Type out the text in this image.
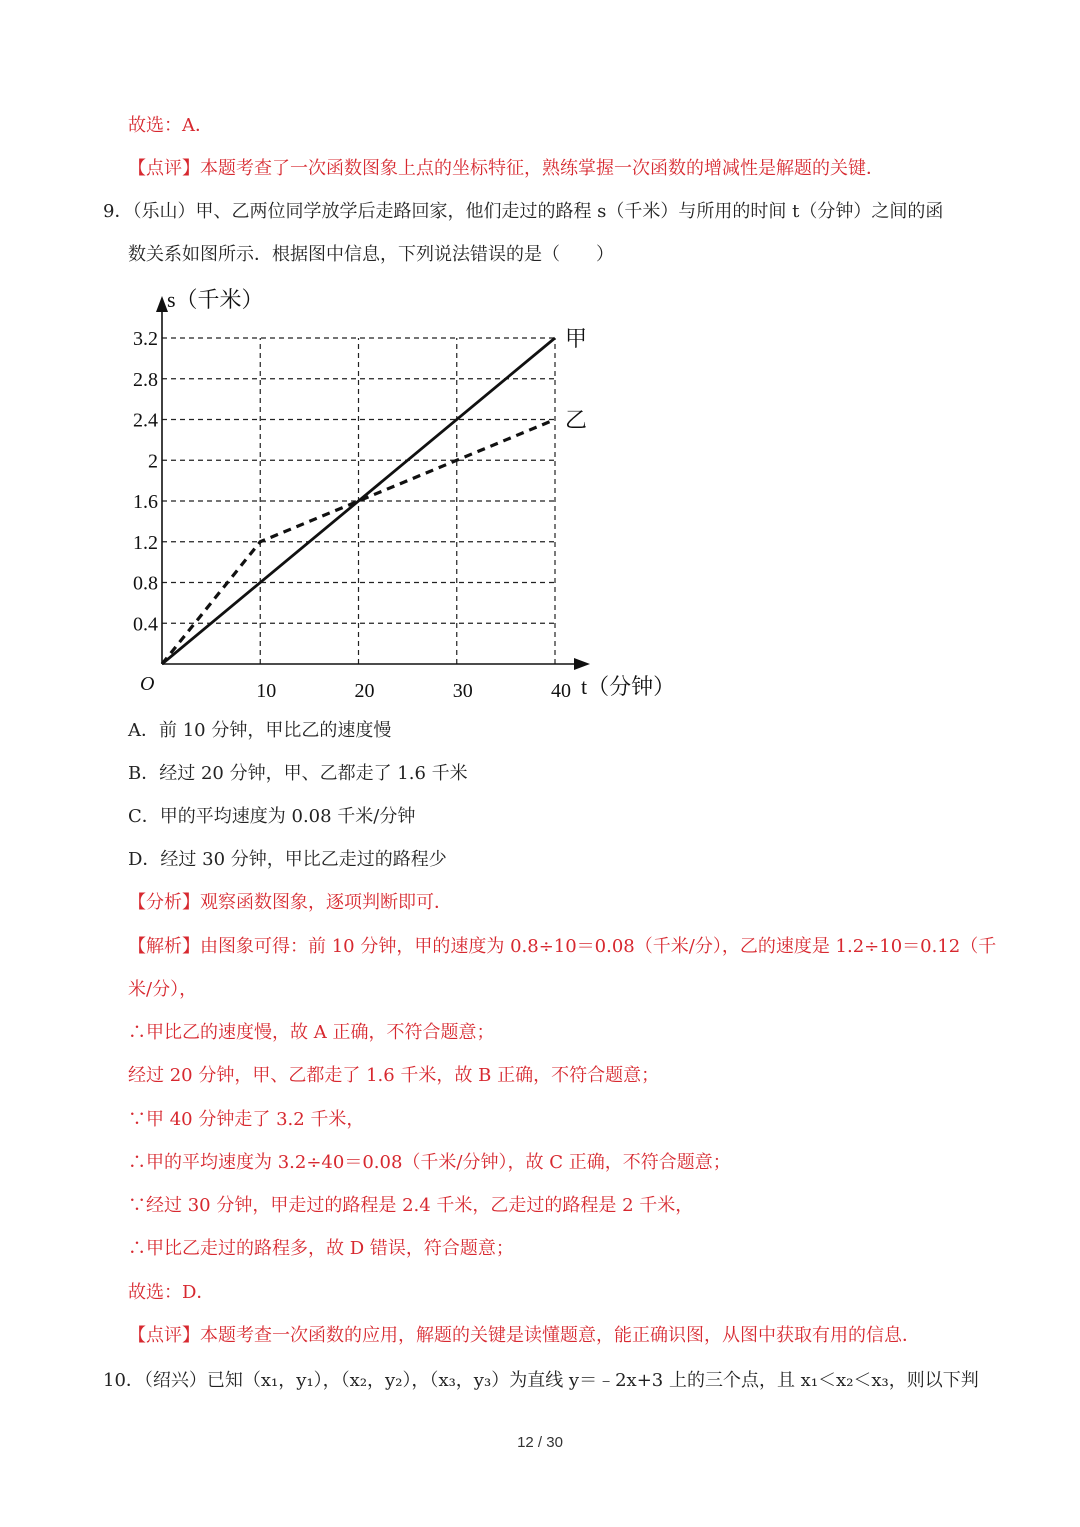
故选：A．
【点评】本题考查了一次函数图象上点的坐标特征，熟练掌握一次函数的增减性是解题的关键．
9．（乐山）甲、乙两位同学放学后走路回家，他们走过的路程 s（千米）与所用的时间 t（分钟）之间的函
数关系如图所示．根据图中信息，下列说法错误的是（　　）
0.4
0.8
1.2
1.6
2
2.4
2.8
3.2
10	20	30	40
O
s（千米）
t（分钟）
甲
乙
A．前 10 分钟，甲比乙的速度慢
B．经过 20 分钟，甲、乙都走了 1.6 千米
C．甲的平均速度为 0.08 千米/分钟
D．经过 30 分钟，甲比乙走过的路程少
【分析】观察函数图象，逐项判断即可．
【解析】由图象可得：前 10 分钟，甲的速度为 0.8÷10＝0.08（千米/分），乙的速度是 1.2÷10＝0.12（千
米/分），
∴甲比乙的速度慢，故 A 正确，不符合题意；
经过 20 分钟，甲、乙都走了 1.6 千米，故 B 正确，不符合题意；
∵甲 40 分钟走了 3.2 千米，
∴甲的平均速度为 3.2÷40＝0.08（千米/分钟），故 C 正确，不符合题意；
∵经过 30 分钟，甲走过的路程是 2.4 千米，乙走过的路程是 2 千米，
∴甲比乙走过的路程多，故 D 错误，符合题意；
故选：D．
【点评】本题考查一次函数的应用，解题的关键是读懂题意，能正确识图，从图中获取有用的信息．
10．（绍兴）已知（x₁，y₁），（x₂，y₂），（x₃，y₃）为直线 y＝﹣2x+3 上的三个点，且 x₁＜x₂＜x₃，则以下判
12 / 30
